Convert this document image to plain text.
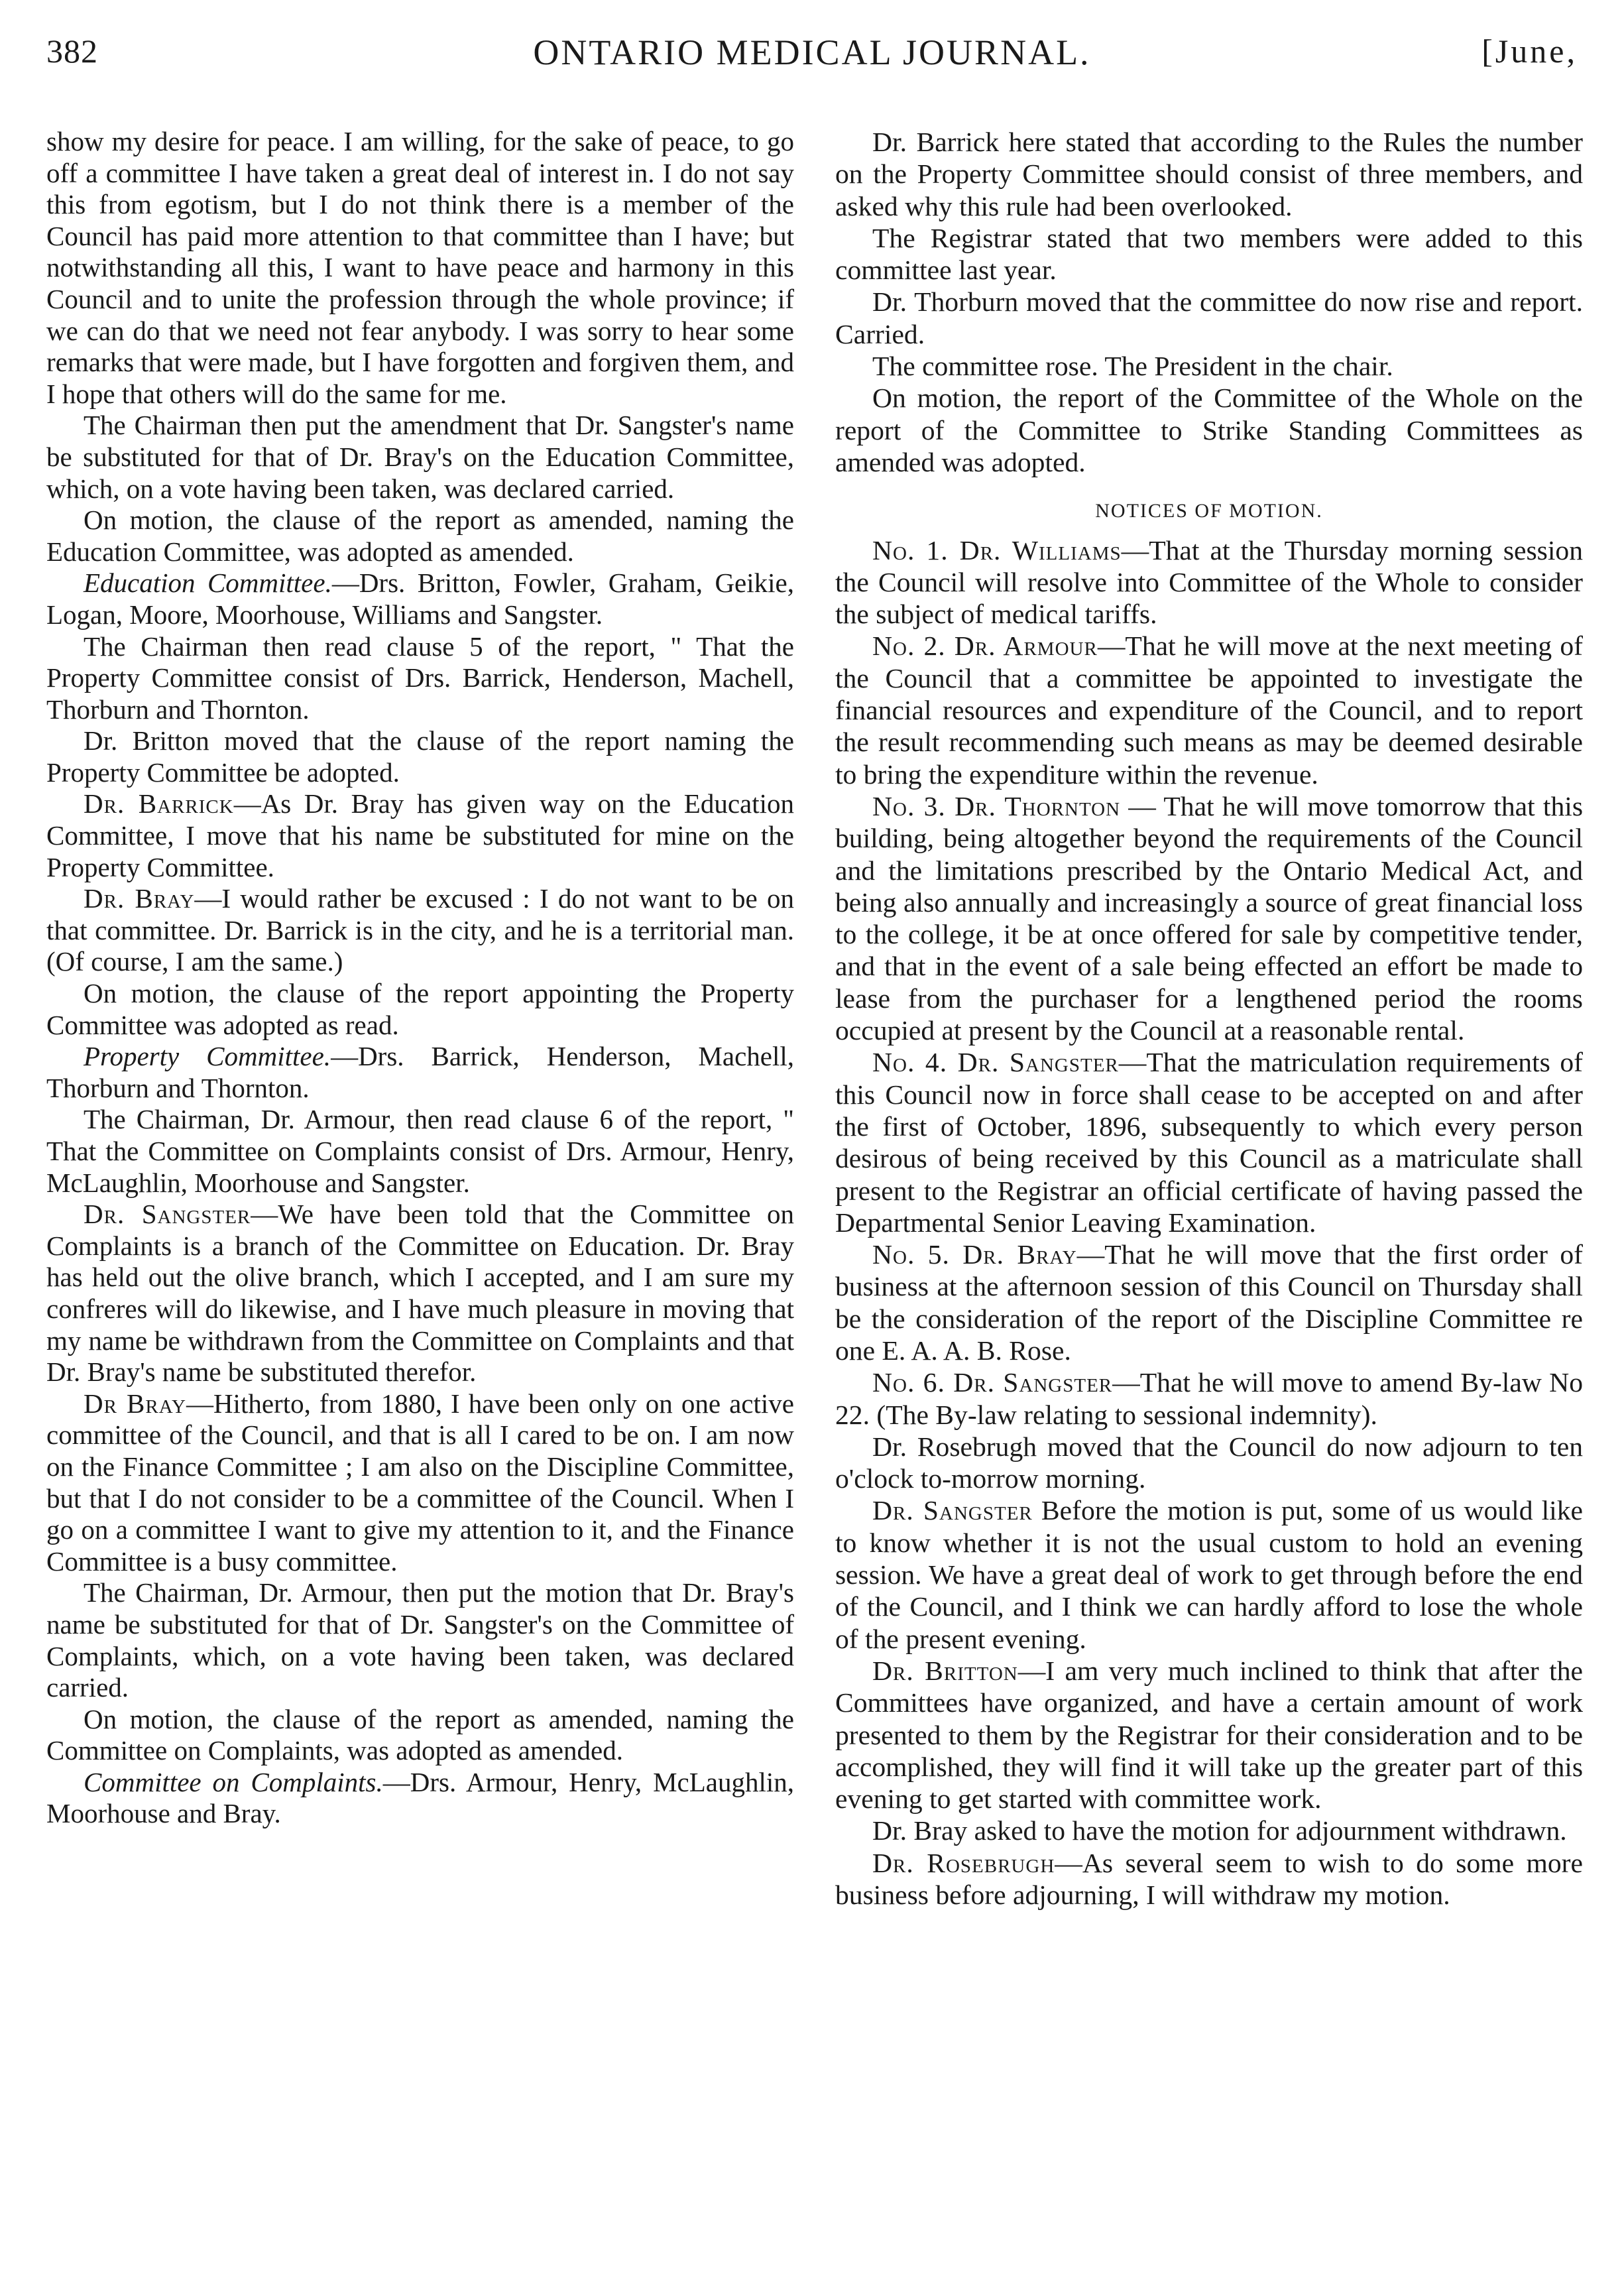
382	ONTARIO MEDICAL JOURNAL.	[June,

show my desire for peace. I am willing, for the sake of peace, to go off a committee I have taken a great deal of interest in. I do not say this from egotism, but I do not think there is a member of the Council has paid more attention to that committee than I have; but notwithstanding all this, I want to have peace and harmony in this Council and to unite the profession through the whole province; if we can do that we need not fear anybody. I was sorry to hear some remarks that were made, but I have forgotten and forgiven them, and I hope that others will do the same for me.

The Chairman then put the amendment that Dr. Sangster's name be substituted for that of Dr. Bray's on the Education Committee, which, on a vote having been taken, was declared carried.

On motion, the clause of the report as amended, naming the Education Committee, was adopted as amended.

Education Committee.—Drs. Britton, Fowler, Graham, Geikie, Logan, Moore, Moorhouse, Williams and Sangster.

The Chairman then read clause 5 of the report, " That the Property Committee consist of Drs. Barrick, Henderson, Machell, Thorburn and Thornton.

Dr. Britton moved that the clause of the report naming the Property Committee be adopted.

Dr. Barrick—As Dr. Bray has given way on the Education Committee, I move that his name be substituted for mine on the Property Committee.

Dr. Bray—I would rather be excused : I do not want to be on that committee. Dr. Barrick is in the city, and he is a territorial man. (Of course, I am the same.)

On motion, the clause of the report appointing the Property Committee was adopted as read.

Property Committee.—Drs. Barrick, Henderson, Machell, Thorburn and Thornton.

The Chairman, Dr. Armour, then read clause 6 of the report, " That the Committee on Complaints consist of Drs. Armour, Henry, McLaughlin, Moorhouse and Sangster.

Dr. Sangster—We have been told that the Committee on Complaints is a branch of the Committee on Education. Dr. Bray has held out the olive branch, which I accepted, and I am sure my confreres will do likewise, and I have much pleasure in moving that my name be withdrawn from the Committee on Complaints and that Dr. Bray's name be substituted therefor.

Dr Bray—Hitherto, from 1880, I have been only on one active committee of the Council, and that is all I cared to be on. I am now on the Finance Committee ; I am also on the Discipline Committee, but that I do not consider to be a committee of the Council. When I go on a committee I want to give my attention to it, and the Finance Committee is a busy committee.

The Chairman, Dr. Armour, then put the motion that Dr. Bray's name be substituted for that of Dr. Sangster's on the Committee of Complaints, which, on a vote having been taken, was declared carried.

On motion, the clause of the report as amended, naming the Committee on Complaints, was adopted as amended.

Committee on Complaints.—Drs. Armour, Henry, McLaughlin, Moorhouse and Bray.

Dr. Barrick here stated that according to the Rules the number on the Property Committee should consist of three members, and asked why this rule had been overlooked.

The Registrar stated that two members were added to this committee last year.

Dr. Thorburn moved that the committee do now rise and report. Carried.

The committee rose. The President in the chair.

On motion, the report of the Committee of the Whole on the report of the Committee to Strike Standing Committees as amended was adopted.

NOTICES OF MOTION.

No. 1. Dr. Williams—That at the Thursday morning session the Council will resolve into Committee of the Whole to consider the subject of medical tariffs.

No. 2. Dr. Armour—That he will move at the next meeting of the Council that a committee be appointed to investigate the financial resources and expenditure of the Council, and to report the result recommending such means as may be deemed desirable to bring the expenditure within the revenue.

No. 3. Dr. Thornton — That he will move tomorrow that this building, being altogether beyond the requirements of the Council and the limitations prescribed by the Ontario Medical Act, and being also annually and increasingly a source of great financial loss to the college, it be at once offered for sale by competitive tender, and that in the event of a sale being effected an effort be made to lease from the purchaser for a lengthened period the rooms occupied at present by the Council at a reasonable rental.

No. 4. Dr. Sangster—That the matriculation requirements of this Council now in force shall cease to be accepted on and after the first of October, 1896, subsequently to which every person desirous of being received by this Council as a matriculate shall present to the Registrar an official certificate of having passed the Departmental Senior Leaving Examination.

No. 5. Dr. Bray—That he will move that the first order of business at the afternoon session of this Council on Thursday shall be the consideration of the report of the Discipline Committee re one E. A. A. B. Rose.

No. 6. Dr. Sangster—That he will move to amend By-law No 22. (The By-law relating to sessional indemnity).

Dr. Rosebrugh moved that the Council do now adjourn to ten o'clock to-morrow morning.

Dr. Sangster Before the motion is put, some of us would like to know whether it is not the usual custom to hold an evening session. We have a great deal of work to get through before the end of the Council, and I think we can hardly afford to lose the whole of the present evening.

Dr. Britton—I am very much inclined to think that after the Committees have organized, and have a certain amount of work presented to them by the Registrar for their consideration and to be accomplished, they will find it will take up the greater part of this evening to get started with committee work.

Dr. Bray asked to have the motion for adjournment withdrawn.

Dr. Rosebrugh—As several seem to wish to do some more business before adjourning, I will withdraw my motion.
